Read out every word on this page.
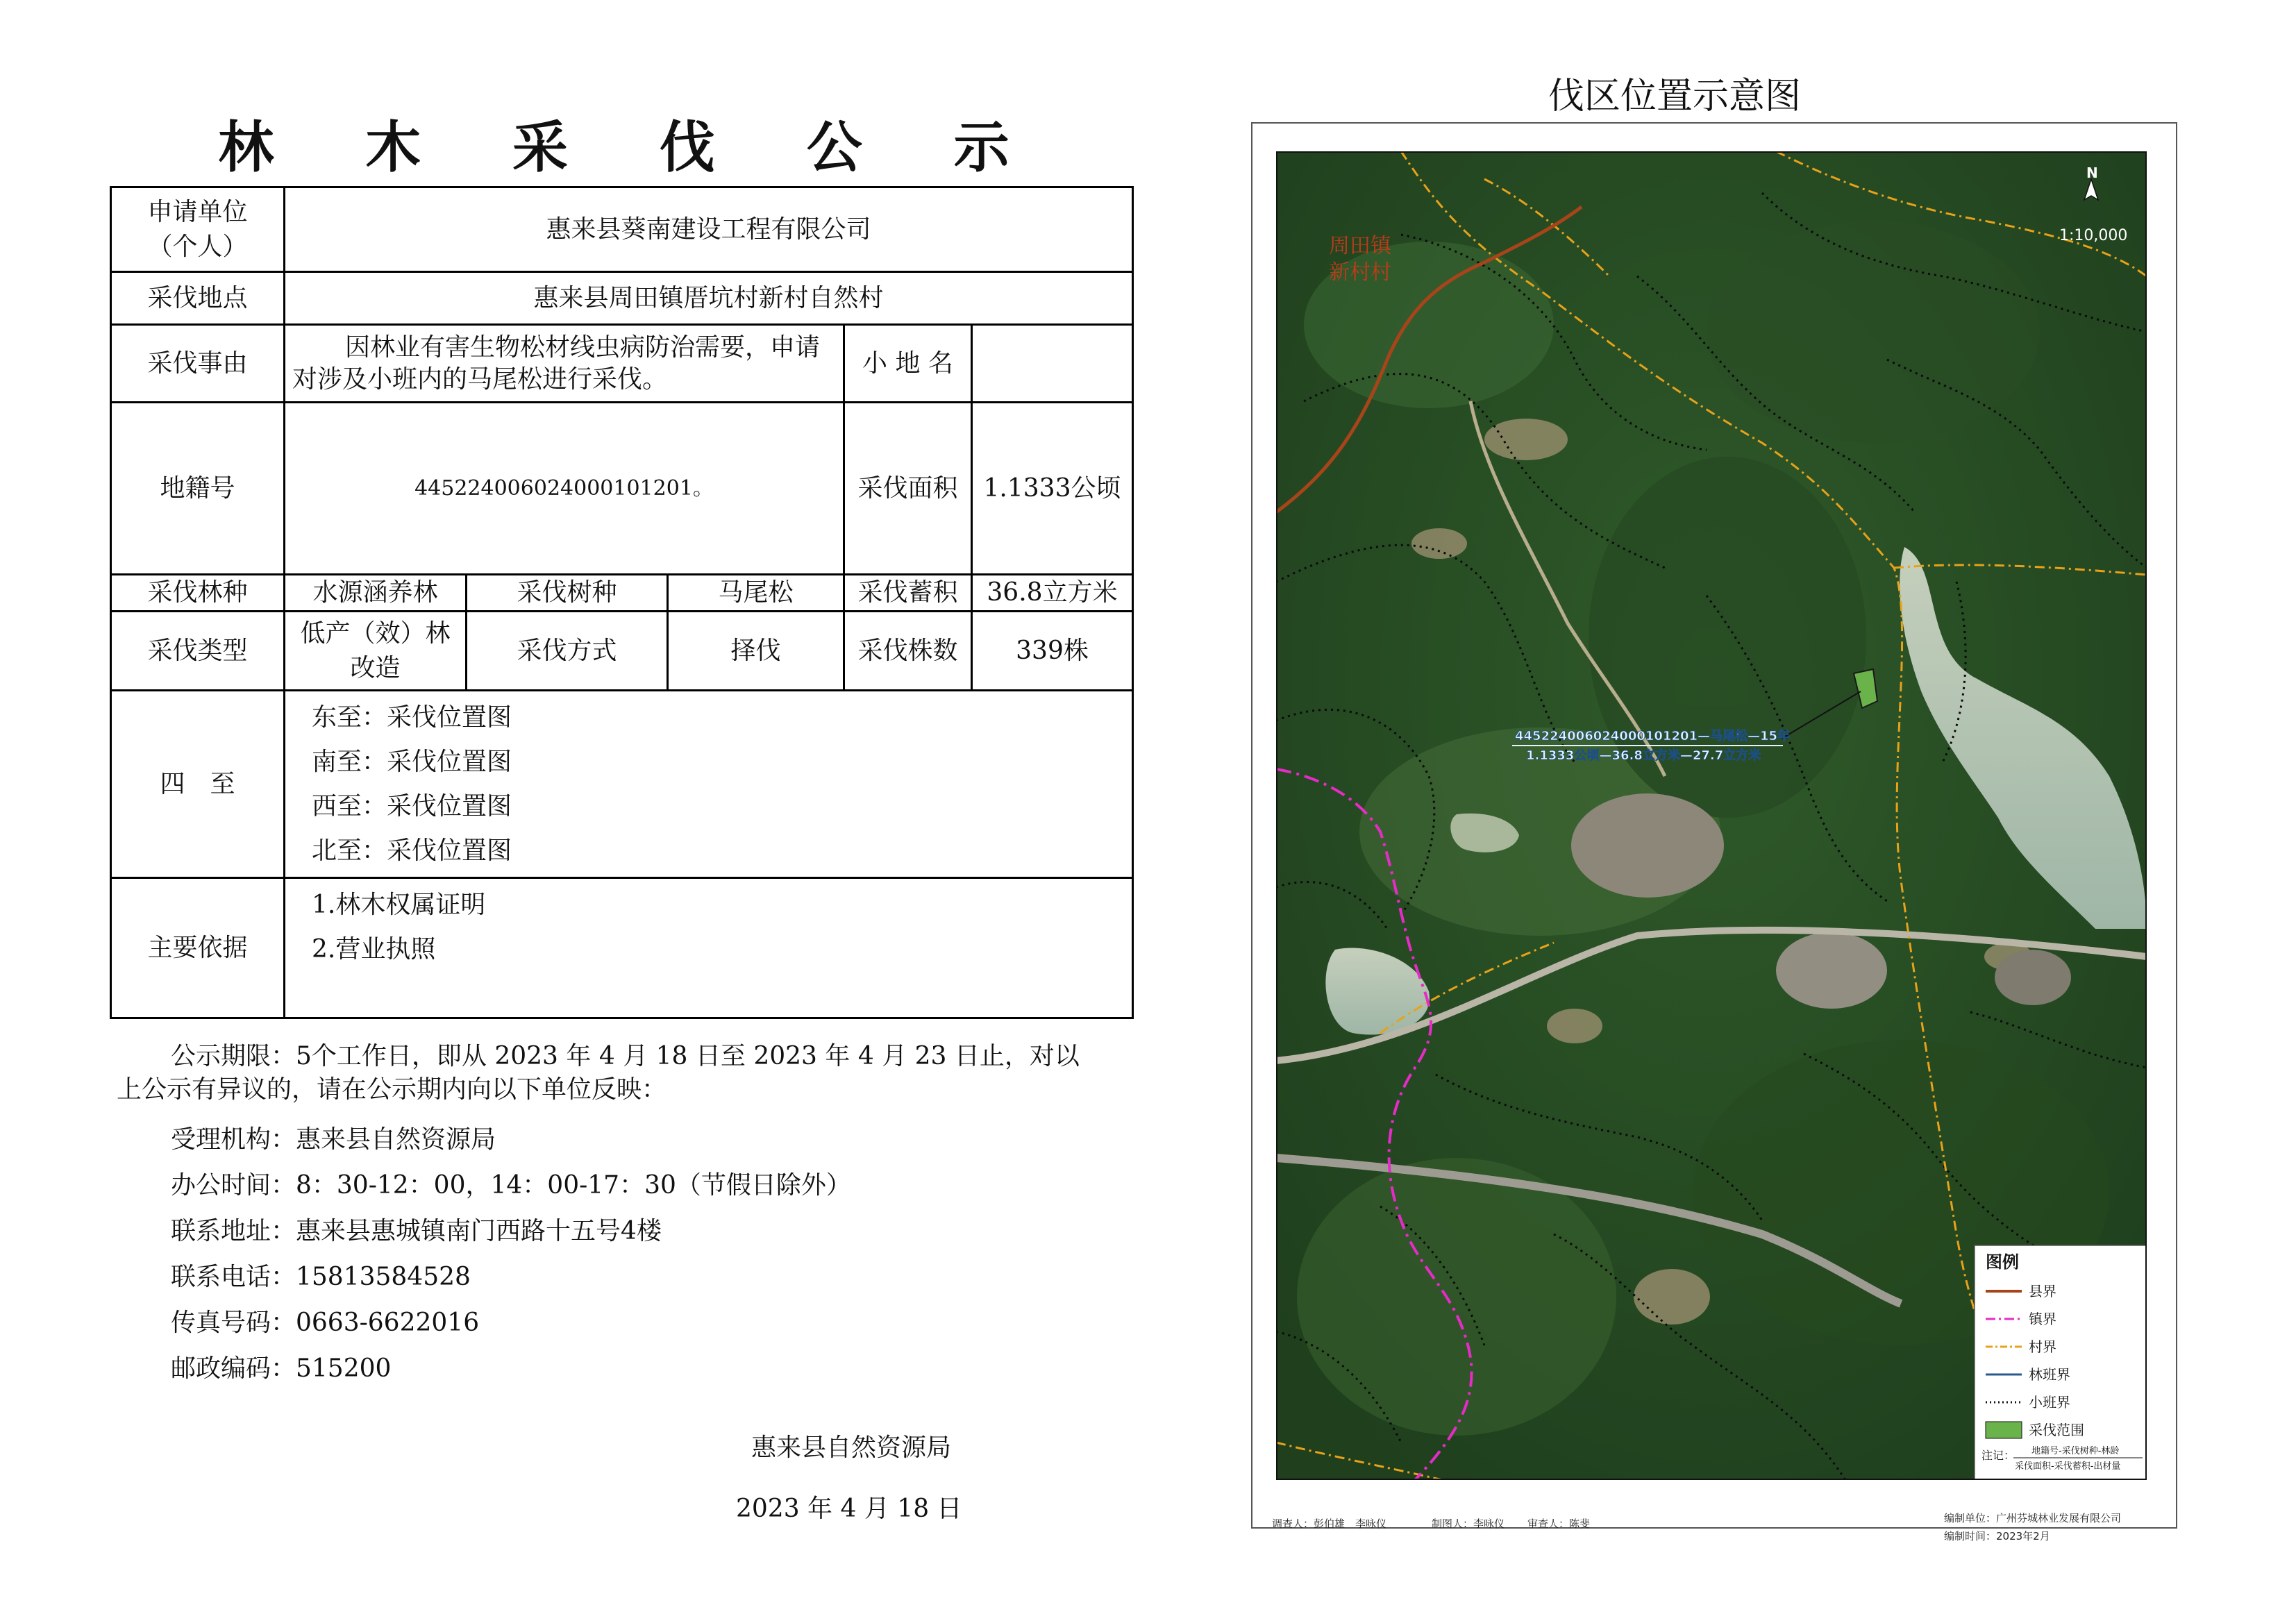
林 木 采 伐 公 示
申请单位
（个人）	惠来县葵南建设工程有限公司				
采伐地点	惠来县周田镇厝坑村新村自然村				
采伐事由	因林业有害生物松材线虫病防治需要，申请对涉及小班内的马尾松进行采伐。			小 地 名	
地籍号	445224006024000101201。			采伐面积	1.1333公顷
采伐林种	水源涵养林	采伐树种	马尾松	采伐蓄积	36.8立方米
采伐类型	低产（效）林改造	采伐方式	择伐	采伐株数	339株
四　至	东至：采伐位置图
南至：采伐位置图
西至：采伐位置图
北至：采伐位置图				

主要依据	1.林木权属证明
2.营业执照				
公示期限：5个工作日，即从 2023 年 4 月 18 日至 2023 年 4 月 23 日止，对以上公示有异议的，请在公示期内向以下单位反映：
受理机构：惠来县自然资源局
办公时间：8：30-12：00，14：00-17：30（节假日除外）
联系地址：惠来县惠城镇南门西路十五号4楼
联系电话：15813584528
传真号码：0663-6622016
邮政编码：515200
惠来县自然资源局
2023 年 4 月 18 日
伐区位置示意图
周田镇
新村村
445224006024000101201—马尾松—15年
1.1333公顷—36.8立方米—27.7立方米
N
1:10,000
图例
县界
镇界
村界
林班界
小班界
采伐范围
注记： 地籍号-采伐树种-林龄
采伐面积-采伐蓄积-出材量
调查人：彭伯雄　李咏仪	制图人：李咏仪 审查人：陈斐	编制单位：广州芬城林业发展有限公司
编制时间：2023年2月
